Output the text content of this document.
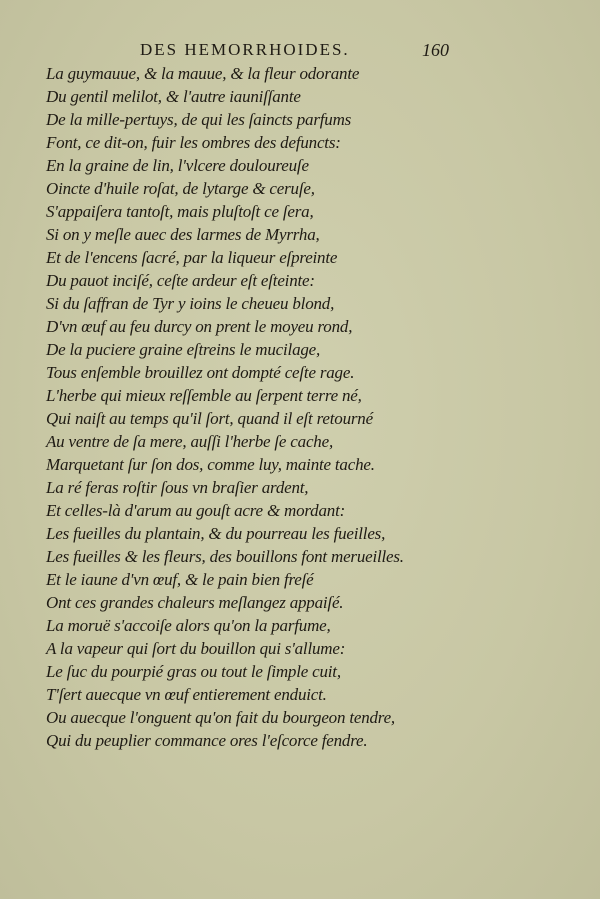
DES HEMORRHOIDES.	160
La guymauue, & la mauue, & la fleur odorante
Du gentil melilot, & l'autre iauniſſante
De la mille-pertuys, de qui les ſaincts parfums
Font, ce dit-on, fuir les ombres des defuncts:
En la graine de lin, l'vlcere douloureuſe
Oincte d'huile roſat, de lytarge & ceruſe,
S'appaiſera tantoſt, mais pluſtoſt ce ſera,
Si on y meſle auec des larmes de Myrrha,
Et de l'encens ſacré, par la liqueur eſpreinte
Du pauot inciſé, ceſte ardeur eſt eſteinte:
Si du ſaffran de Tyr y ioins le cheueu blond,
D'vn œuf au feu durcy on prent le moyeu rond,
De la puciere graine eſtreins le mucilage,
Tous enſemble brouillez ont dompté ceſte rage.
L'herbe qui mieux reſſemble au ſerpent terre né,
Qui naiſt au temps qu'il ſort, quand il eſt retourné
Au ventre de ſa mere, auſſi l'herbe ſe cache,
Marquetant ſur ſon dos, comme luy, mainte tache.
La ré feras roſtir ſous vn braſier ardent,
Et celles-là d'arum au gouſt acre & mordant:
Les fueilles du plantain, & du pourreau les fueilles,
Les fueilles & les fleurs, des bouillons font merueilles.
Et le iaune d'vn œuf, & le pain bien freſé
Ont ces grandes chaleurs meſlangez appaiſé.
La moruë s'accoiſe alors qu'on la parfume,
A la vapeur qui ſort du bouillon qui s'allume:
Le ſuc du pourpié gras ou tout le ſimple cuit,
T'ſert auecque vn œuf entierement enduict.
Ou auecque l'onguent qu'on fait du bourgeon tendre,
Qui du peuplier commance ores l'eſcorce fendre.
